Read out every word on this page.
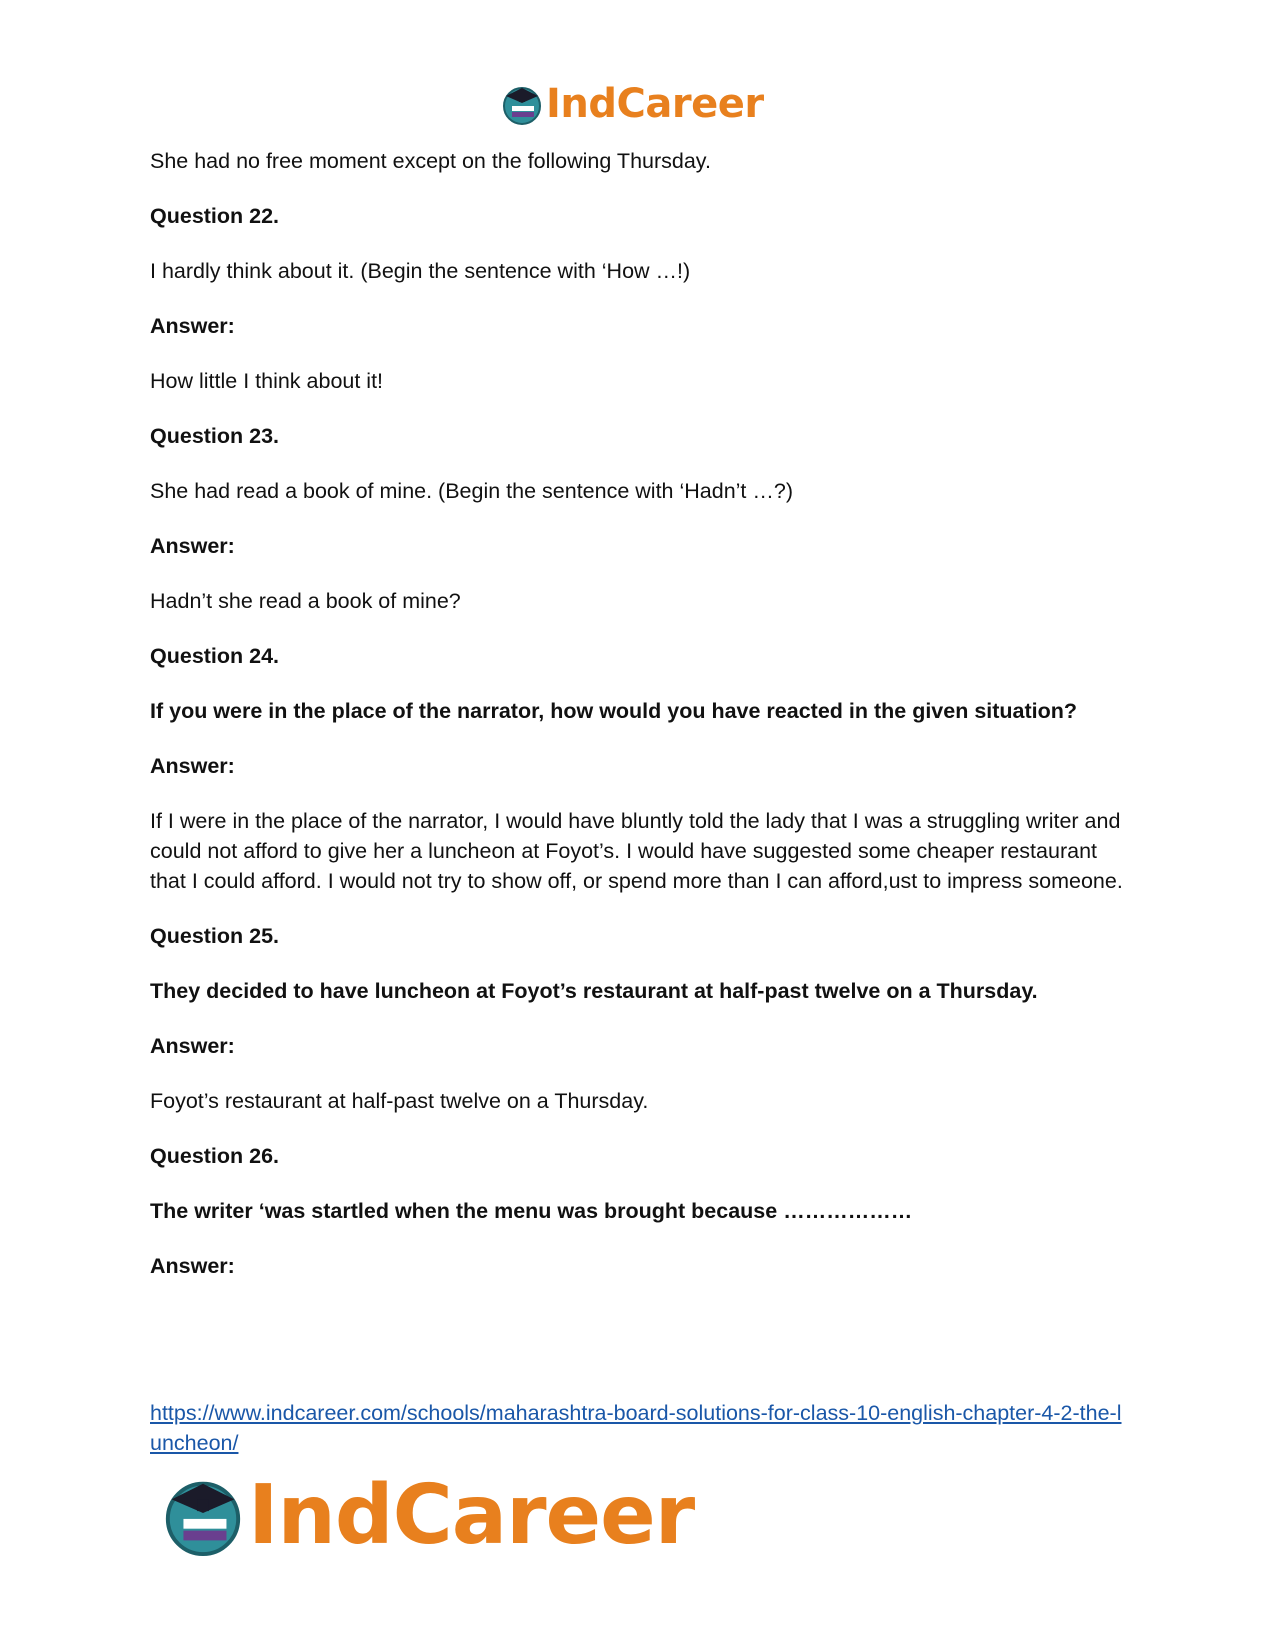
IndCareer

She had no free moment except on the following Thursday.

Question 22.

I hardly think about it. (Begin the sentence with ‘How …!)

Answer:

How little I think about it!

Question 23.

She had read a book of mine. (Begin the sentence with ‘Hadn’t …?)

Answer:

Hadn’t she read a book of mine?

Question 24.

If you were in the place of the narrator, how would you have reacted in the given situation?

Answer:

If I were in the place of the narrator, I would have bluntly told the lady that I was a struggling writer and could not afford to give her a luncheon at Foyot’s. I would have suggested some cheaper restaurant that I could afford. I would not try to show off, or spend more than I can afford,ust to impress someone.

Question 25.

They decided to have luncheon at Foyot’s restaurant at half-past twelve on a Thursday.

Answer:

Foyot’s restaurant at half-past twelve on a Thursday.

Question 26.

The writer ‘was startled when the menu was brought because ………………

Answer:

https://www.indcareer.com/schools/maharashtra-board-solutions-for-class-10-english-chapter-4-2-the-luncheon/
IndCareer
